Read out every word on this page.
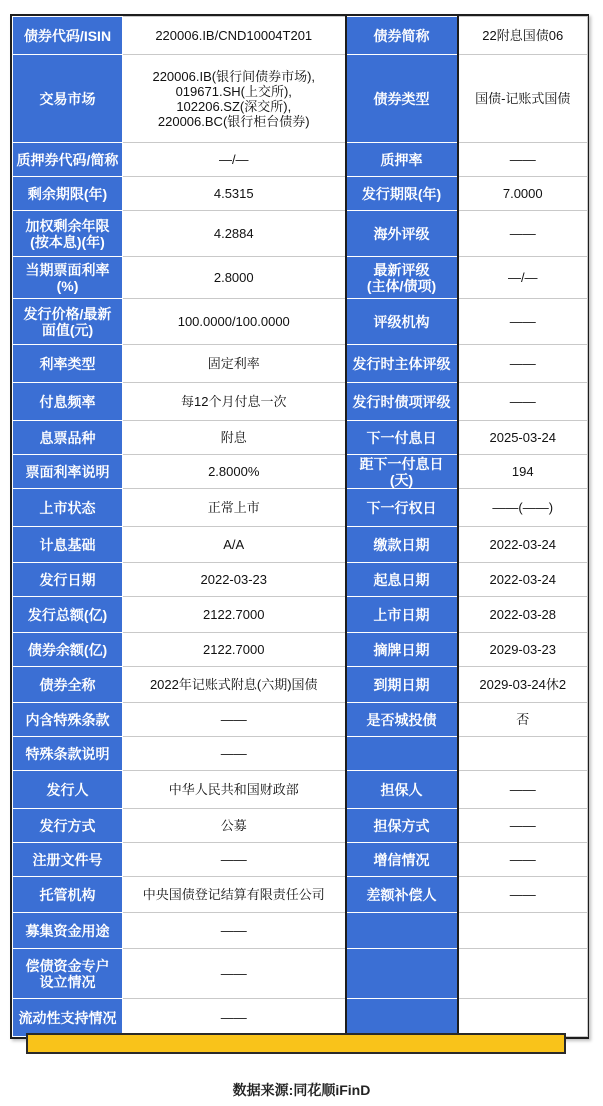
债券代码/ISIN	220006.IB/CND10004T201	债券简称	22附息国债06
交易市场	220006.IB(银行间债券市场),
019671.SH(上交所),
102206.SZ(深交所),
220006.BC(银行柜台债券)	债券类型	国债-记账式国债
质押券代码/简称	—/—	质押率	——
剩余期限(年)	4.5315	发行期限(年)	7.0000
加权剩余年限
(按本息)(年)	4.2884	海外评级	——
当期票面利率(%)	2.8000	最新评级
(主体/债项)	—/—
发行价格/最新
面值(元)	100.0000/100.0000	评级机构	——
利率类型	固定利率	发行时主体评级	——
付息频率	每12个月付息一次	发行时债项评级	——
息票品种	附息	下一付息日	2025-03-24
票面利率说明	2.8000%	距下一付息日(天)	194
上市状态	正常上市	下一行权日	——(——)
计息基础	A/A	缴款日期	2022-03-24
发行日期	2022-03-23	起息日期	2022-03-24
发行总额(亿)	2122.7000	上市日期	2022-03-28
债券余额(亿)	2122.7000	摘牌日期	2029-03-23
债券全称	2022年记账式附息(六期)国债	到期日期	2029-03-24休2
内含特殊条款	——	是否城投债	否
特殊条款说明	——		
发行人	中华人民共和国财政部	担保人	——
发行方式	公募	担保方式	——
注册文件号	——	增信情况	——
托管机构	中央国债登记结算有限责任公司	差额补偿人	——
募集资金用途	——		
偿债资金专户
设立情况	——		
流动性支持情况	——		
数据来源:同花顺iFinD
